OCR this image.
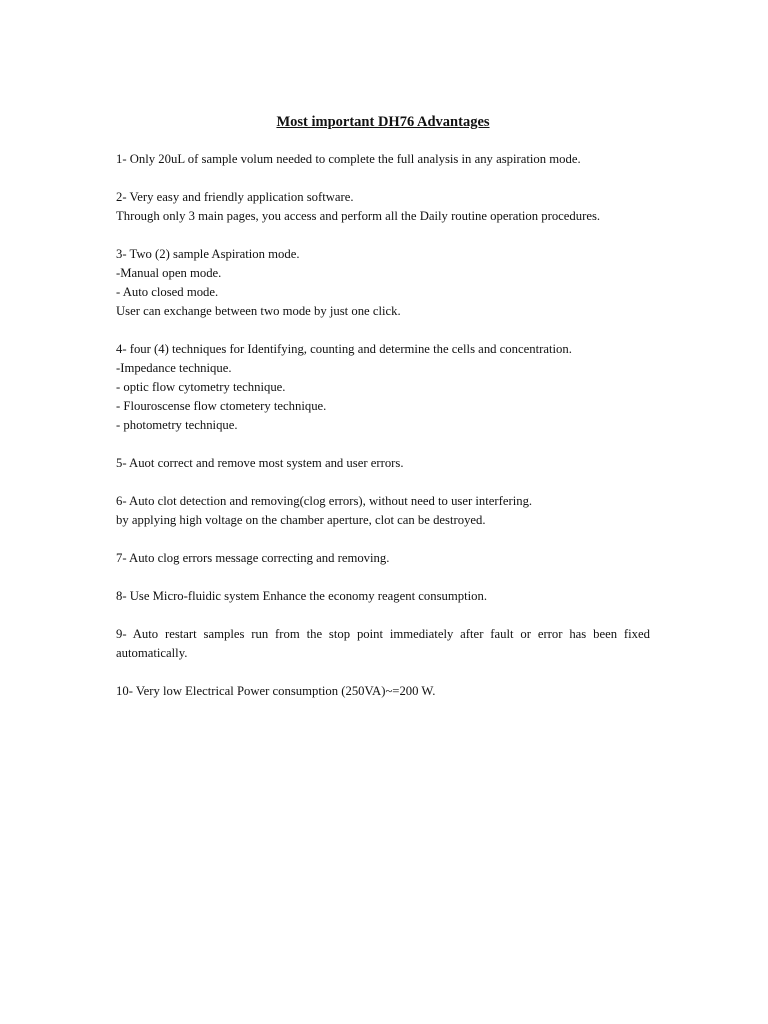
Most important DH76 Advantages
1- Only 20uL of sample volum needed to complete the full analysis in any aspiration mode.
2- Very easy and friendly application software.
Through only 3 main pages, you access and perform all the Daily routine operation procedures.
3- Two (2) sample Aspiration mode.
-Manual open mode.
- Auto closed mode.
User can exchange between two mode by just one click.
4- four (4) techniques for Identifying, counting and determine the cells and concentration.
-Impedance technique.
- optic flow cytometry technique.
- Flouroscense flow ctometery technique.
- photometry technique.
5- Auot correct and remove most system and user errors.
6- Auto clot detection and removing(clog errors), without need to user interfering.
by applying high voltage on the chamber aperture, clot can be destroyed.
7- Auto clog errors message correcting and removing.
8- Use Micro-fluidic system Enhance the economy reagent consumption.
9- Auto restart samples run from the stop point immediately after fault or error has been fixed automatically.
10- Very low Electrical Power consumption (250VA)~=200 W.
